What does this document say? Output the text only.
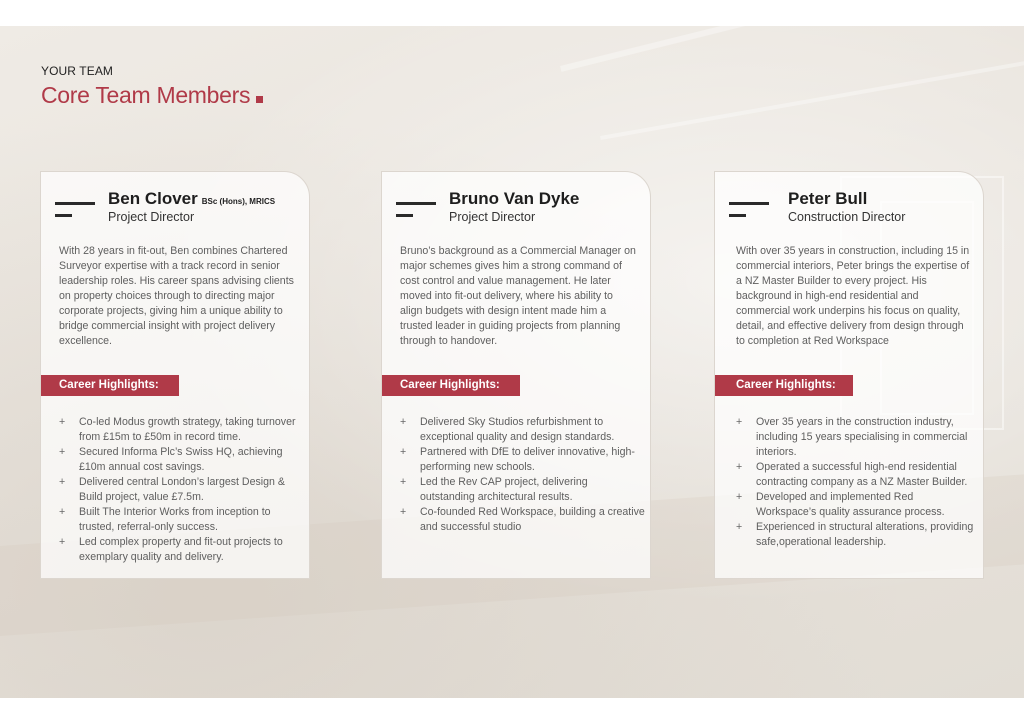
YOUR TEAM
Core Team Members
Ben Clover BSc (Hons), MRICS
Project Director
With 28 years in fit-out, Ben combines Chartered Surveyor expertise with a track record in senior leadership roles. His career spans advising clients on property choices through to directing major corporate projects, giving him a unique ability to bridge commercial insight with project delivery excellence.
Career Highlights:
+ Co-led Modus growth strategy, taking turnover from £15m to £50m in record time.
+ Secured Informa Plc’s Swiss HQ, achieving £10m annual cost savings.
+ Delivered central London’s largest Design & Build project, value £7.5m.
+ Built The Interior Works from inception to trusted, referral-only success.
+ Led complex property and fit-out projects to exemplary quality and delivery.
Bruno Van Dyke
Project Director
Bruno’s background as a Commercial Manager on major schemes gives him a strong command of cost control and value management. He later moved into fit-out delivery, where his ability to align budgets with design intent made him a trusted leader in guiding projects from planning through to handover.
Career Highlights:
+ Delivered Sky Studios refurbishment to exceptional quality and design standards.
+ Partnered with DfE to deliver innovative, high-performing new schools.
+ Led the Rev CAP project, delivering outstanding architectural results.
+ Co-founded Red Workspace, building a creative and successful studio
Peter Bull
Construction Director
With over 35 years in construction, including 15 in commercial interiors, Peter brings the expertise of a NZ Master Builder to every project. His background in high-end residential and commercial work underpins his focus on quality, detail, and effective delivery from design through to completion at Red Workspace
Career Highlights:
+ Over 35 years in the construction industry, including 15 years specialising in commercial interiors.
+ Operated a successful high-end residential contracting company as a NZ Master Builder.
+ Developed and implemented Red Workspace’s quality assurance process.
+ Experienced in structural alterations, providing safe,operational leadership.
